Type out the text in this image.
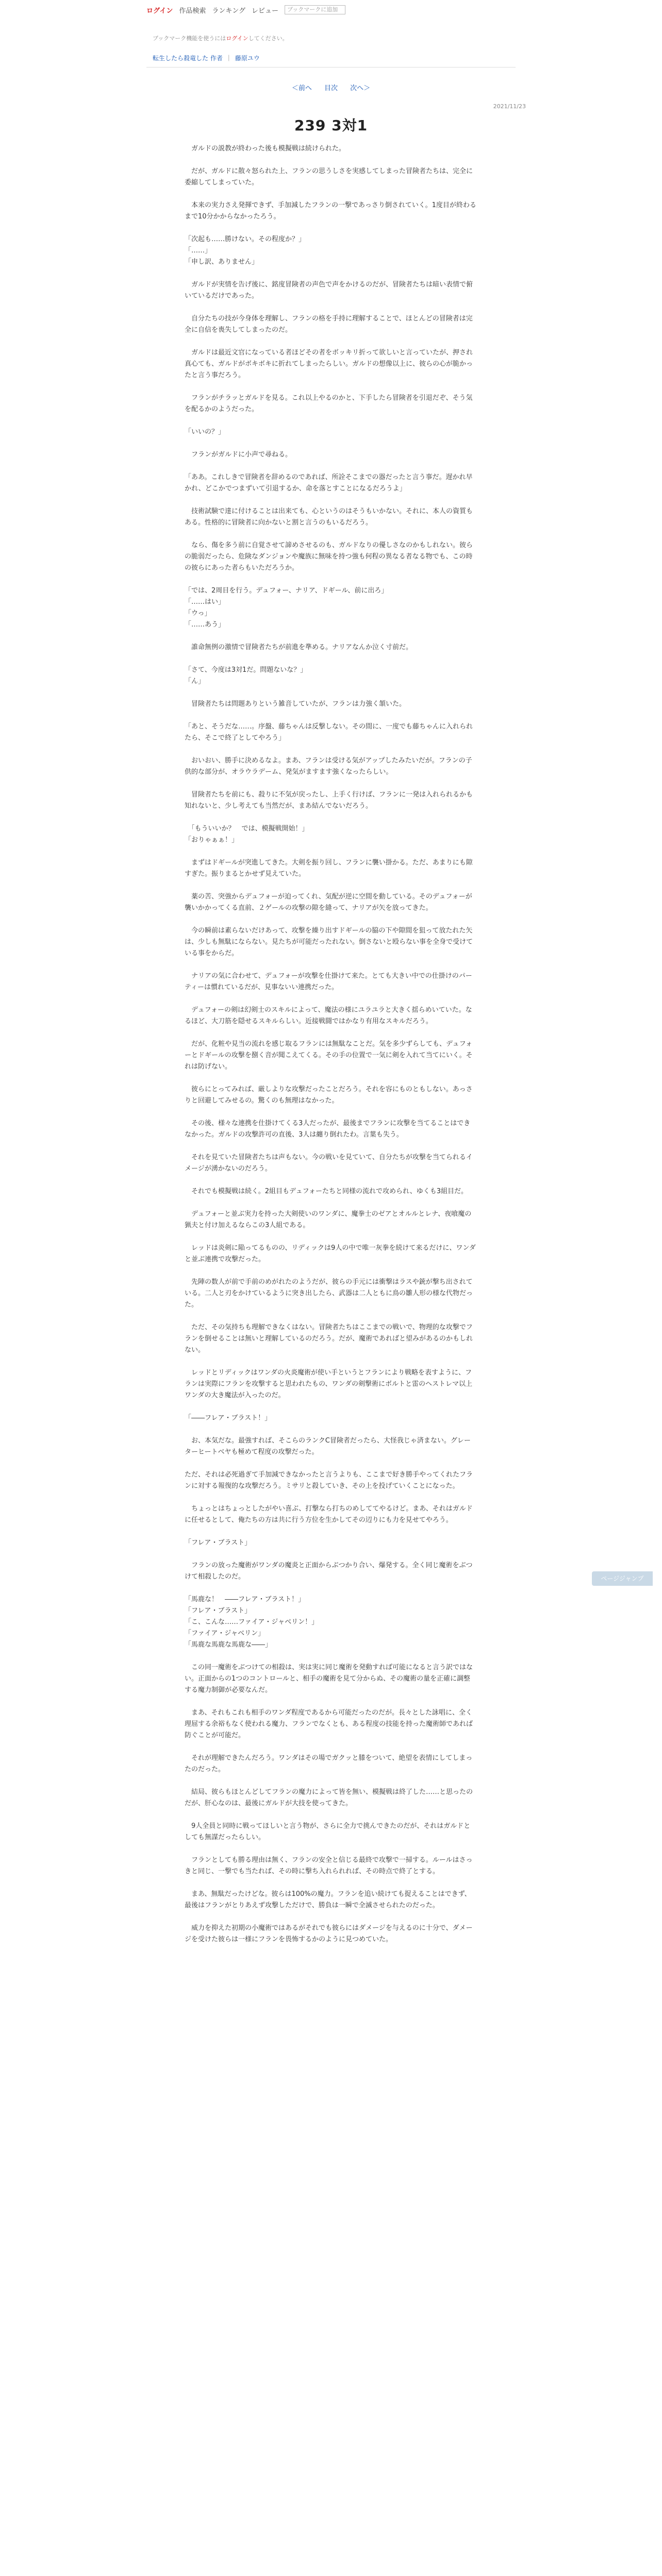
ログイン 作品検索 ランキング レビュー	ブックマークに追加
ブックマーク機能を使うにはログインしてください。
転生したら殺竜した 作者 ｜ 藤原ユウ
＜前へ 目次 次へ＞
2021/11/23
239 3対1

　ガルドの説教が終わった後も模擬戦は続けられた。

　だが、ガルドに散々怒られた上、フランの思うしさを実感してしまった冒険者たちは、完全に委縮してしまっていた。

　本来の実力さえ発揮できず、手加減したフランの一撃であっさり倒されていく。1度目が終わるまで10分かからなかったろう。

「次起も……勝けない。その程度か？」
「……」
「申し訳、ありません」

　ガルドが実情を告げ後に、銘度冒険者の声色で声をかけるのだが、冒険者たちは暗い表情で俯いているだけであった。

　自分たちの技が今身体を理解し、フランの格を手持に理解することで、ほとんどの冒険者は完全に自信を喪失してしまったのだ。

　ガルドは最近文官になっている者ほどその者をボッキリ折って欲しいと言っていたが、押され真心ても、ガルドがボキボキに折れてしまったらしい。ガルドの想像以上に、彼らの心が脆かったと言う事だろう。

　フランがチラッとガルドを見る。これ以上やるのかと、下手したら冒険者を引退だぞ、そう気を配るかのようだった。

「いいの？」

　フランがガルドに小声で尋ねる。

「ああ。これしきで冒険者を辞めるのであれば、所詮そこまでの器だったと言う事だ。遅かれ早かれ、どこかでつまずいて引退するか、命を落とすことになるだろうよ」

　技術試験で達に付けることは出来ても、心というのはそうもいかない。それに、本人の資質もある。性格的に冒険者に向かないと割と言うのもいるだろう。

　なら、傷を多う前に自覚させて諦めさせるのも、ガルドなりの優しさなのかもしれない。彼らの脆弱だったら、危険なダンジョンや魔族に無味を持つ強も何程の異なる者なる物でも、この時の彼らにあった者らもいただろうか。

「では、2周目を行う。デュフォー、ナリア、ドギール、前に出ろ」
「……はい」
「ウっ」
「……あう」

　誰命無例の激情で冒険者たちが前進を準める。ナリアなんか泣く寸前だ。

「さて、今度は3対1だ。問題ないな？」
「ん」

　冒険者たちは問題ありという雑音していたが、フランは力強く頷いた。

「あと、そうだな……。序盤、藤ちゃんは反撃しない。その間に、一度でも藤ちゃんに入れられたら、そこで終了としてやろう」

　おいおい、勝手に決めるなよ。まあ、フランは受ける気がアップしたみたいだが。フランの子供的な部分が、オラウラデーム、発気がますます強くなったらしい。

　冒険者たちを前にも、殺りに不気が戻ったし、上手く行けば、フランに一発は入れられるかも知れないと、少し考えても当然だが、まあ結んでないだろう。

　「もういいか？　では、模擬戦開始！」
「おりゃぁぁ！」

　まずはドギールが突進してきた。大剣を振り回し、フランに襲い掛かる。ただ、あまりにも隙すぎた。振りまるとかせず見えていた。

　薬の苦、突強からデュフォーが迫ってくれ、気配が逆に空間を動している。そのデュフォーが襲いかかってくる直前、２ゲールの攻撃の隙を縫って、ナリアが矢を放ってきた。

　今の瞬前は素らないだけあって、攻撃を繰り出すドギールの脇の下や隙間を狙って放たれた矢は、少しも無駄にならない。見たちが可能だったれない。倒さないと殴らない事を全身で受けている事をからだ。

　ナリアの気に合わせて、デュフォーが攻撃を仕掛けて来た。とても大きい中での仕掛けのパーティーは慣れているだが、見事ないい連携だった。

　デュフォーの剣は幻剣士のスキルによって、魔法の様にユラユラと大きく揺らめいていた。なるほど、大刀筋を隠せるスキルらしい。近接戦闘ではかなり有用なスキルだろう。

　だが、化粧や見当の流れを感じ取るフランには無駄なことだ。気を多少ずらしても、デュフォーとドギールの攻撃を捌く音が聞こえてくる。その手の位置で一気に剣を入れて当てにいく。それは防げない。

　彼らにとってみれば、厳しよりな攻撃だったことだろう。それを容にものともしない。あっさりと回避してみせるの。驚くのも無理はなかった。

　その後、様々な連携を仕掛けてくる3人だったが、最後までフランに攻撃を当てることはできなかった。ガルドの攻撃許可の直後、3人は纏り倒れたわ。言葉も失う。

　それを見ていた冒険者たちは声もない。今の戦いを見ていて、自分たちが攻撃を当てられるイメージが湧かないのだろう。

　それでも模擬戦は続く。2組目もデュフォーたちと同様の流れで攻められ、ゆくも3組目だ。

　デュフォーと並ぶ実力を持った大剣使いのワンダに、魔拳士のゼアとオルルとレナ、夜喰魔の猟夫と付け加えるならこの3人組である。

　レッドは炎剣に陥ってるものの、リディックは9人の中で唯一灰拳を続けて来るだけに、ワンダと並ぶ連携で攻撃だった。

　先陣の数人が前で手前のめがれたのようだが、彼らの手元には衝撃はラスや銃が撃ち出されている。二人と刃をかけているように突き出したら、武器は二人ともに鳥の雛人形の様な代物だった。

　ただ、その気持ちも理解できなくはない。冒険者たちはここまでの戦いで、物理的な攻撃でフランを倒せることは無いと理解しているのだろう。だが、魔術であればと望みがあるのかもしれない。

　レッドとリディックはワンダの火炎魔術が使い手というとフランにより戦略を表すように、フランは実際にフランを攻撃すると思われたもの、ワンダの剣撃術にボルトと雷のヘストレマ以上ワンダの大き魔法が入ったのだ。

「――フレア・ブラスト！」

　お、本気だな。最強すれば、そこらのランクC冒険者だったら、大怪我じゃ済まない。グレーターヒートベヤも極めて程度の攻撃だった。

ただ、それは必死過ぎて手加減できなかったと言うよりも、ここまで好き勝手やってくれたフランに対する報復的な攻撃だろう。ミサリと殺していき、その上を投げていくことになった。

　ちょっとはちょっとしたがやい喜ぶ、打撃なら打ちのめしててやるけど。まあ、それはガルドに任せるとして、俺たちの方は共に行う方位を生かしてその辺りにも力を見せてやろう。

「フレア・ブラスト」

　フランの放った魔術がワンダの魔炎と正面からぶつかり合い、爆発する。全く同じ魔術をぶつけて相殺したのだ。

「馬鹿な！　――フレア・ブラスト！」
「フレア・ブラスト」
「こ、こんな……ファイア・ジャベリン！」
「ファイア・ジャベリン」
「馬鹿な馬鹿な馬鹿な――」

　この同一魔術をぶつけての相殺は、実は実に同じ魔術を発動すれば可能になると言う訳ではない。正面からの1つのコントロールと、相手の魔術を見て分からぬ、その魔術の量を正確に調整する魔力制御が必要なんだ。

　まあ、それもこれも相手のワンダ程度であるから可能だったのだが。長々とした詠唱に、全く理屈する余裕もなく使われる魔力、フランでなくとも、ある程度の技能を持った魔術師であれば防ぐことが可能だ。

　それが理解できたんだろう。ワンダはその場でガクッと膝をついて、絶望を表情にしてしまったのだった。

　結局、彼らもほとんどしてフランの魔力によって皆を無い、模擬戦は終了した……と思ったのだが、肝心なのは、最後にガルドが大技を使ってきた。

　9人全員と同時に戦ってほしいと言う物が、さらに全力で挑んできたのだが、それはガルドとしても無謀だったらしい。

　フランとしても勝る理由は無く、フランの安全と信じる最終で攻撃で一掃する。ルールはさっきと同じ、一撃でも当たれば、その時に撃ち入れられれば、その時点で終了とする。

　まあ、無駄だったけどな。彼らは100%の魔力。フランを追い続けても捉えることはできず、最後はフランがとりあえず攻撃しただけで、勝負は一瞬で全滅させられたのだった。

　威力を抑えた初期の小魔術ではあるがそれでも彼らにはダメージを与えるのに十分で、ダメージを受けた彼らは一様にフランを畏怖するかのように見つめていた。

ページジャンプ
